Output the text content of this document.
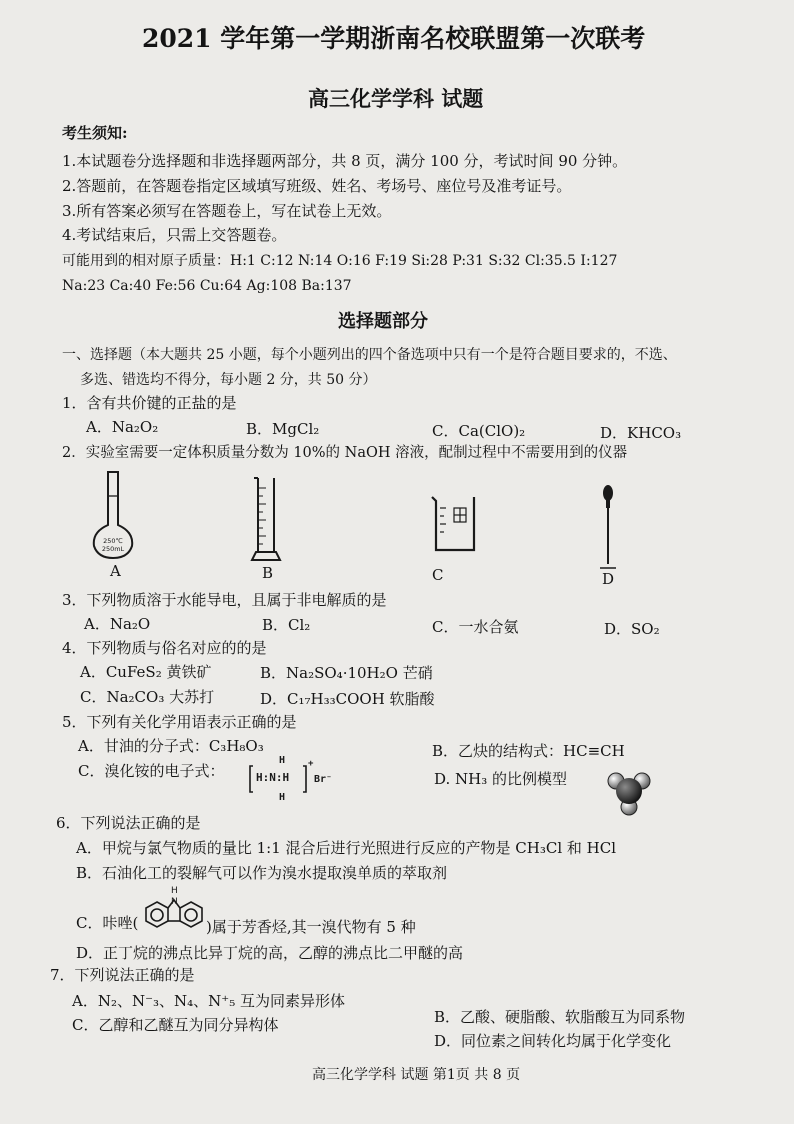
2021 学年第一学期浙南名校联盟第一次联考
高三化学学科 试题
考生须知:
1.本试题卷分选择题和非选择题两部分，共 8 页，满分 100 分，考试时间 90 分钟。
2.答题前，在答题卷指定区域填写班级、姓名、考场号、座位号及准考证号。
3.所有答案必须写在答题卷上，写在试卷上无效。
4.考试结束后，只需上交答题卷。
可能用到的相对原子质量：H:1 C:12 N:14 O:16 F:19 Si:28 P:31 S:32 Cl:35.5 I:127
Na:23 Ca:40 Fe:56 Cu:64 Ag:108 Ba:137
选择题部分
一、选择题（本大题共 25 小题，每个小题列出的四个备选项中只有一个是符合题目要求的，不选、
多选、错选均不得分，每小题 2 分，共 50 分）
1．含有共价键的正盐的是
A．Na₂O₂	B．MgCl₂	C．Ca(ClO)₂	D．KHCO₃
2．实验室需要一定体积质量分数为 10%的 NaOH 溶液，配制过程中不需要用到的仪器
250℃
250mL
A	B	C	D
3．下列物质溶于水能导电，且属于非电解质的是
A．Na₂O	B．Cl₂	C．一水合氨	D．SO₂
4．下列物质与俗名对应的的是
A．CuFeS₂ 黄铁矿	B．Na₂SO₄·10H₂O 芒硝
C．Na₂CO₃ 大苏打	D．C₁₇H₃₃COOH 软脂酸
5．下列有关化学用语表示正确的是
A．甘油的分子式：C₃H₈O₃	B．乙炔的结构式：HC≡CH
C．溴化铵的电子式：
H
H:N:H
H
+
Br⁻	D. NH₃ 的比例模型
6．下列说法正确的是
A．甲烷与氯气物质的量比 1:1 混合后进行光照进行反应的产物是 CH₃Cl 和 HCl
B．石油化工的裂解气可以作为溴水提取溴单质的萃取剂
C．咔唑(
N
H
)属于芳香烃,其一溴代物有 5 种
D．正丁烷的沸点比异丁烷的高，乙醇的沸点比二甲醚的高
7．下列说法正确的是
A．N₂、N⁻₃、N₄、N⁺₅ 互为同素异形体
B．乙酸、硬脂酸、软脂酸互为同系物
C．乙醇和乙醚互为同分异构体
D．同位素之间转化均属于化学变化
高三化学学科 试题 第1页 共 8 页
